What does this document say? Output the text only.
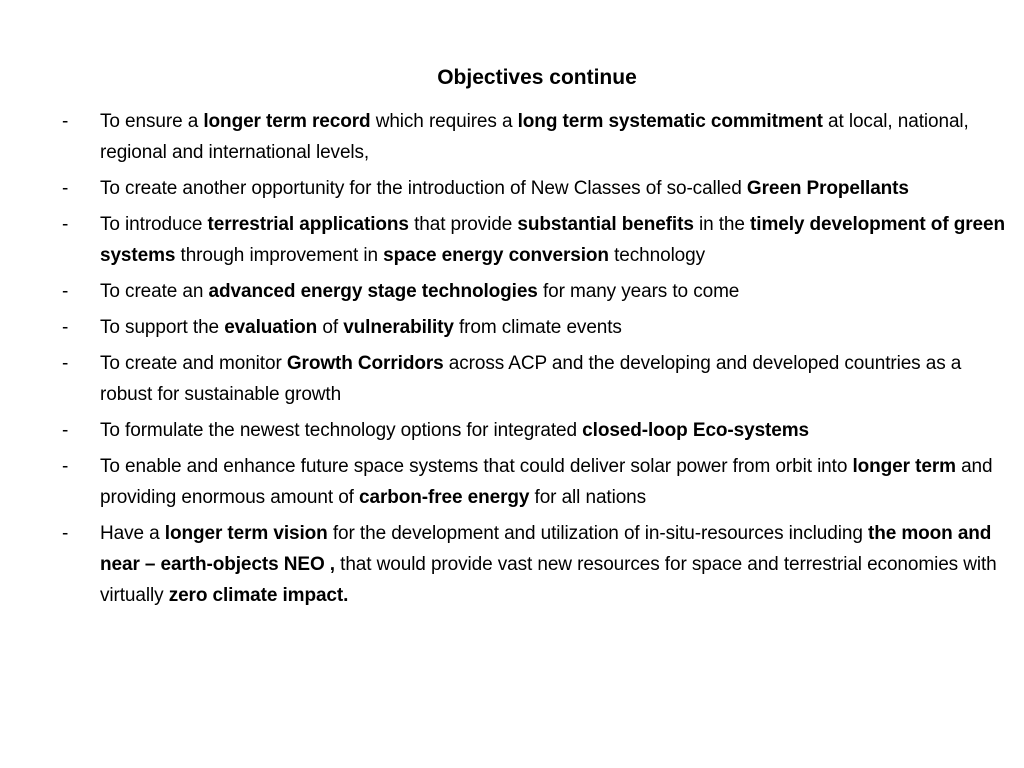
Objectives continue
-	To ensure a longer term record which requires a long term systematic commitment at local, national, regional and international levels,
-	To create another opportunity for the introduction of New Classes of so-called Green Propellants
-	To introduce terrestrial applications that provide substantial benefits in the timely development of green systems through improvement in space energy conversion technology
-	To create an advanced energy stage technologies for many years to come
-	To support the evaluation of vulnerability from climate events
-	To create and monitor Growth Corridors across ACP and the developing and developed countries as a robust for sustainable growth
-	To formulate the newest technology options for integrated closed-loop Eco-systems
-	To enable and enhance future space systems that could deliver solar power from orbit into longer term and providing enormous amount of carbon-free energy for all nations
-	Have a longer term vision for the development and utilization of in-situ-resources including the moon and near – earth-objects NEO , that would provide vast new resources for space and terrestrial economies with virtually zero climate impact.
